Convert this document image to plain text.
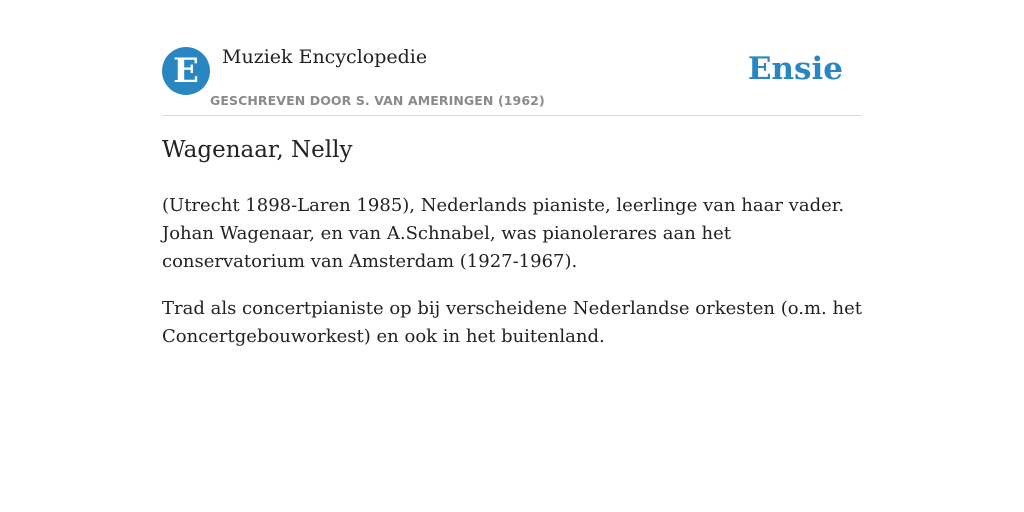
E	Muziek Encyclopedie
GESCHREVEN DOOR S. VAN AMERINGEN (1962)
Ensie
Wagenaar, Nelly

(Utrecht 1898-Laren 1985), Nederlands pianiste, leerlinge van haar vader. Johan Wagenaar, en van A.Schnabel, was pianolerares aan het conservatorium van Amsterdam (1927-1967).

Trad als concertpianiste op bij verscheidene Nederlandse orkesten (o.m. het Concertgebouworkest) en ook in het buitenland.
